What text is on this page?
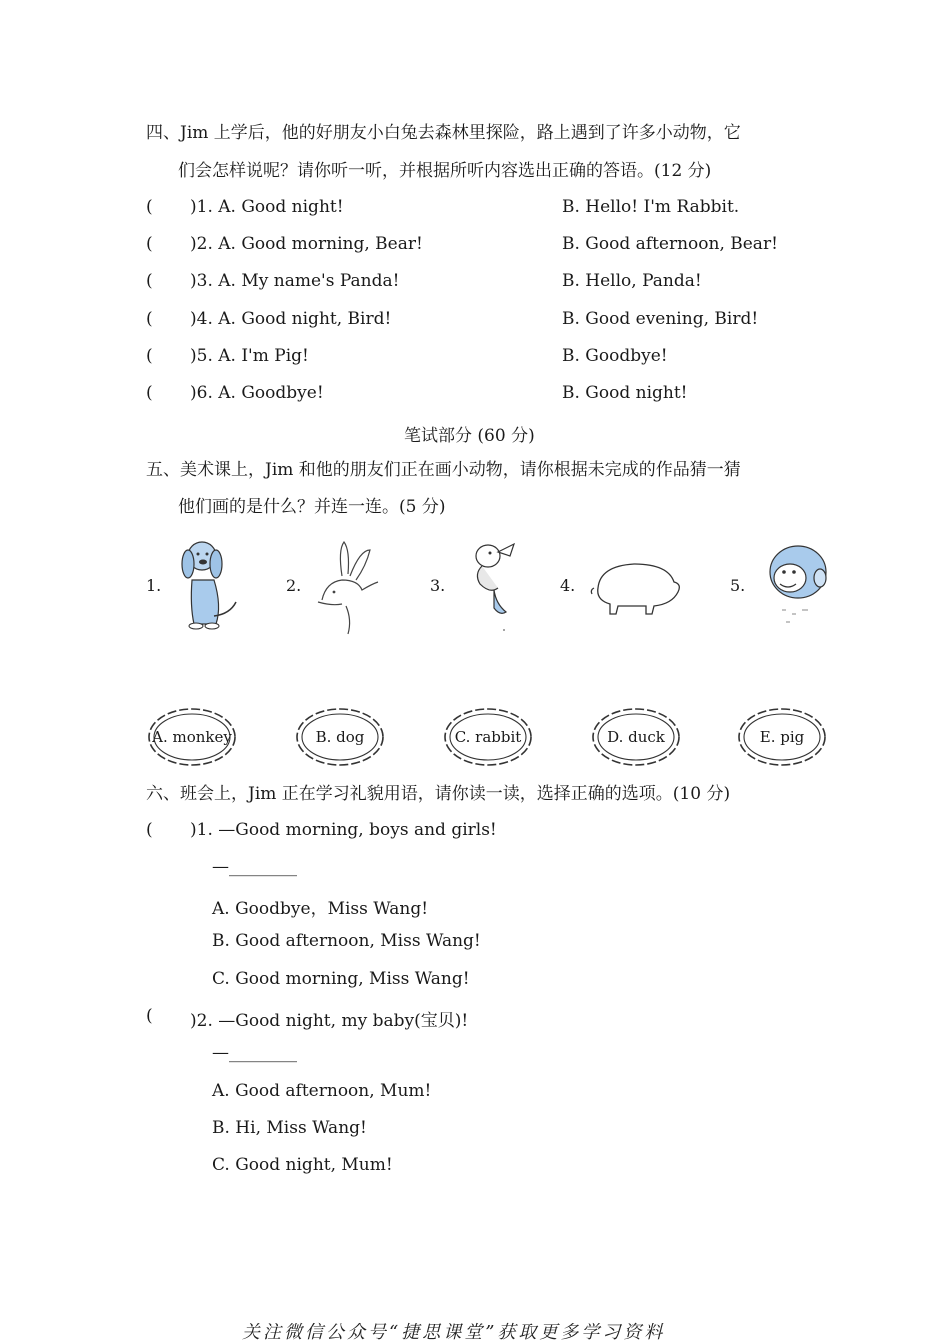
四、Jim 上学后，他的好朋友小白兔去森林里探险，路上遇到了许多小动物，它
们会怎样说呢？请你听一听，并根据所听内容选出正确的答语。(12 分)
( )1. A. Good night!	B. Hello! I'm Rabbit.
( )2. A. Good morning, Bear!	B. Good afternoon, Bear!
( )3. A. My name's Panda!	B. Hello, Panda!
( )4. A. Good night, Bird!	B. Good evening, Bird!
( )5. A. I'm Pig!	B. Goodbye!
( )6. A. Goodbye!	B. Good night!
笔试部分 (60 分)
五、美术课上，Jim 和他的朋友们正在画小动物，请你根据未完成的作品猜一猜
他们画的是什么？并连一连。(5 分)
1.	2.	3.	4.	5.
A. monkey	B. dog	C. rabbit	D. duck	E. pig
六、班会上，Jim 正在学习礼貌用语，请你读一读，选择正确的选项。(10 分)
( )1. —Good morning, boys and girls!
—________
A. Goodbye，Miss Wang!
B. Good afternoon, Miss Wang!
C. Good morning, Miss Wang!
( )2. —Good night, my baby(宝贝)!
—________
A. Good afternoon, Mum!
B. Hi, Miss Wang!
C. Good night, Mum!
关注微信公众号“捷思课堂”获取更多学习资料
